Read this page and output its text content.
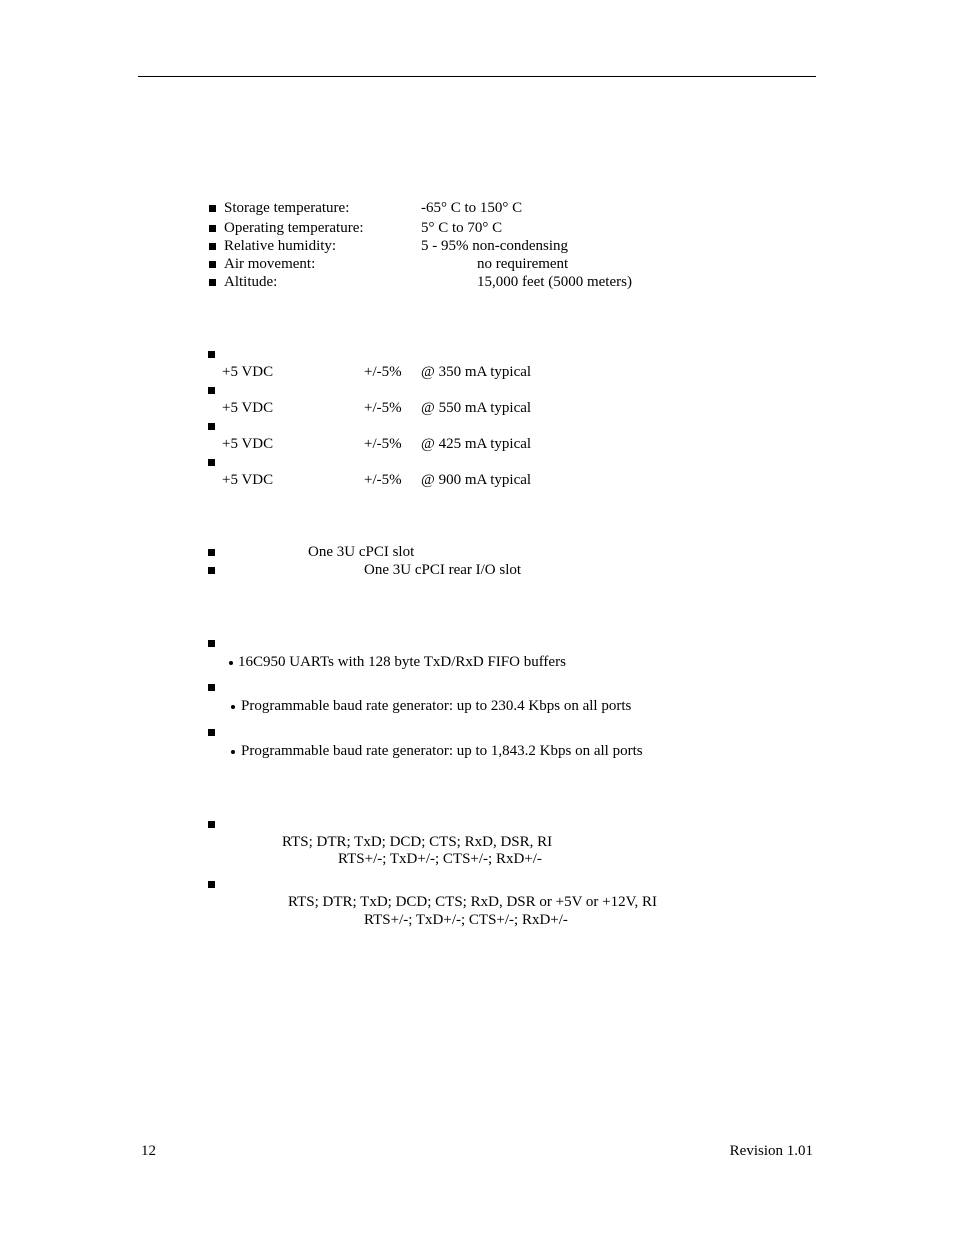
Storage temperature:	-65° C to 150° C
Operating temperature:	5° C to 70° C
Relative humidity:	5 - 95% non-condensing
Air movement:	no requirement
Altitude:	15,000 feet (5000 meters)
+5 VDC	+/-5% @ 350 mA typical
+5 VDC	+/-5% @ 550 mA typical
+5 VDC	+/-5% @ 425 mA typical
+5 VDC	+/-5% @ 900 mA typical
One 3U cPCI slot
One 3U cPCI rear I/O slot
16C950 UARTs with 128 byte TxD/RxD FIFO buffers
Programmable baud rate generator: up to 230.4 Kbps on all ports
Programmable baud rate generator: up to 1,843.2 Kbps on all ports
RTS; DTR; TxD; DCD; CTS; RxD, DSR, RI
RTS+/-; TxD+/-; CTS+/-; RxD+/-
RTS; DTR; TxD; DCD; CTS; RxD, DSR or +5V or +12V, RI
RTS+/-; TxD+/-; CTS+/-; RxD+/-
12	Revision 1.01
